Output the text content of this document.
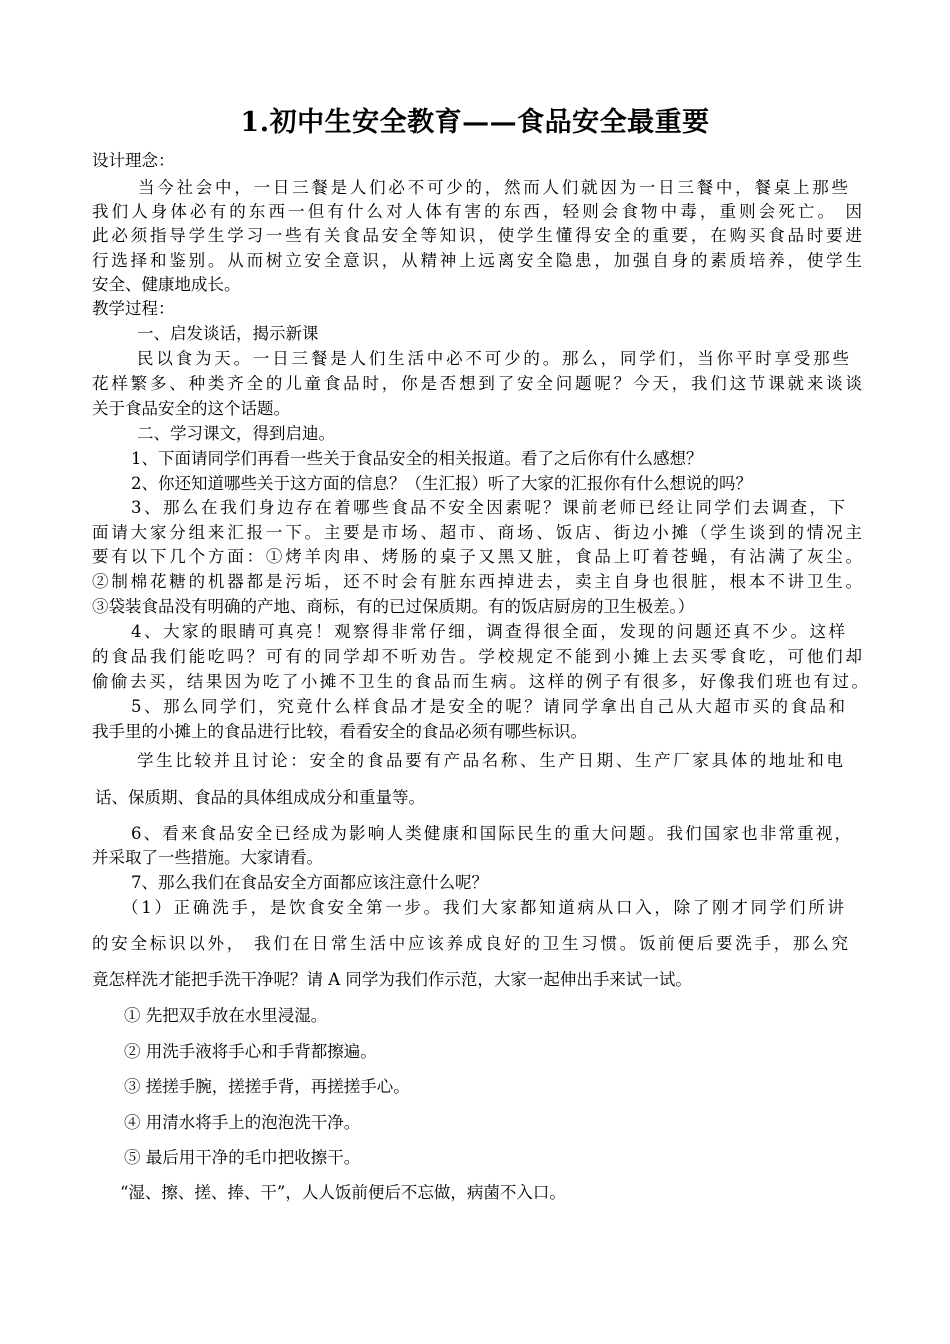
1.初中生安全教育——食品安全最重要
设计理念：
当今社会中，一日三餐是人们必不可少的，然而人们就因为一日三餐中，餐桌上那些
我们人身体必有的东西一但有什么对人体有害的东西，轻则会食物中毒，重则会死亡。 因
此必须指导学生学习一些有关食品安全等知识，使学生懂得安全的重要，在购买食品时要进
行选择和鉴别。从而树立安全意识，从精神上远离安全隐患，加强自身的素质培养，使学生
安全、健康地成长。
教学过程：
一、启发谈话，揭示新课
民以食为天。一日三餐是人们生活中必不可少的。那么，同学们，当你平时享受那些
花样繁多、种类齐全的儿童食品时，你是否想到了安全问题呢？今天，我们这节课就来谈谈
关于食品安全的这个话题。
二、学习课文，得到启迪。
1、下面请同学们再看一些关于食品安全的相关报道。看了之后你有什么感想？
2、你还知道哪些关于这方面的信息？（生汇报）听了大家的汇报你有什么想说的吗？
3、那么在我们身边存在着哪些食品不安全因素呢？课前老师已经让同学们去调查，下
面请大家分组来汇报一下。主要是市场、超市、商场、饭店、街边小摊（学生谈到的情况主
要有以下几个方面：①烤羊肉串、烤肠的桌子又黑又脏，食品上叮着苍蝇，有沾满了灰尘。
②制棉花糖的机器都是污垢，还不时会有脏东西掉进去，卖主自身也很脏，根本不讲卫生。
③袋装食品没有明确的产地、商标，有的已过保质期。有的饭店厨房的卫生极差。）
4、大家的眼睛可真亮！观察得非常仔细，调查得很全面，发现的问题还真不少。这样
的食品我们能吃吗？可有的同学却不听劝告。学校规定不能到小摊上去买零食吃，可他们却
偷偷去买，结果因为吃了小摊不卫生的食品而生病。这样的例子有很多，好像我们班也有过。
5、那么同学们，究竟什么样食品才是安全的呢？请同学拿出自己从大超市买的食品和
我手里的小摊上的食品进行比较，看看安全的食品必须有哪些标识。
学生比较并且讨论：安全的食品要有产品名称、生产日期、生产厂家具体的地址和电
话、保质期、食品的具体组成成分和重量等。
6、看来食品安全已经成为影响人类健康和国际民生的重大问题。我们国家也非常重视，
并采取了一些措施。大家请看。
7、那么我们在食品安全方面都应该注意什么呢？
（1）正确洗手，是饮食安全第一步。我们大家都知道病从口入，除了刚才同学们所讲
的安全标识以外， 我们在日常生活中应该养成良好的卫生习惯。饭前便后要洗手，那么究
竟怎样洗才能把手洗干净呢？请 A 同学为我们作示范，大家一起伸出手来试一试。
① 先把双手放在水里浸湿。
② 用洗手液将手心和手背都擦遍。
③ 搓搓手腕，搓搓手背，再搓搓手心。
④ 用清水将手上的泡泡洗干净。
⑤ 最后用干净的毛巾把收擦干。
“湿、擦、搓、捧、干”，人人饭前便后不忘做，病菌不入口。
